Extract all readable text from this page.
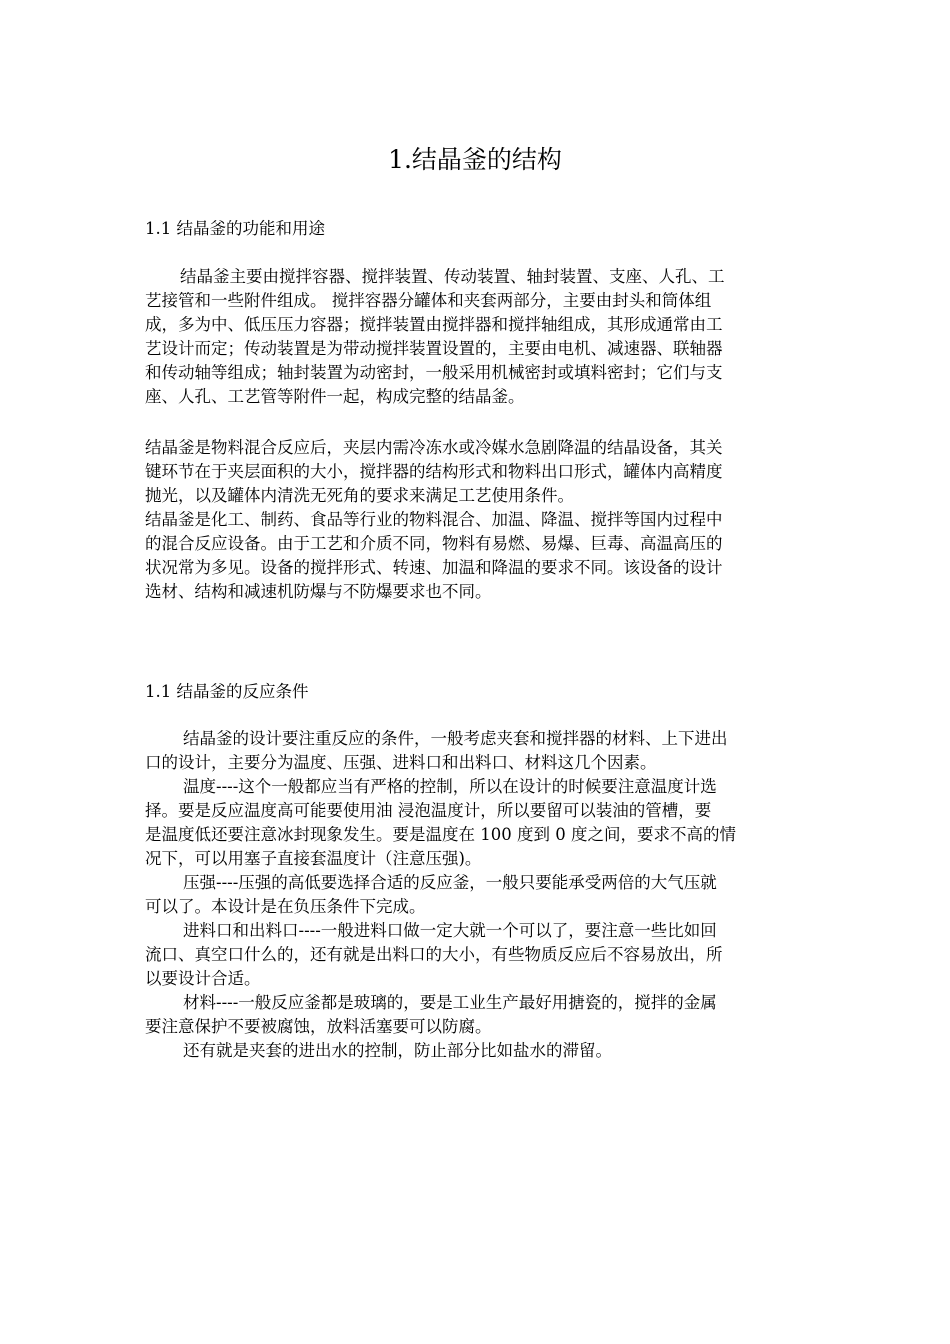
1.结晶釜的结构
1.1 结晶釜的功能和用途
结晶釜主要由搅拌容器、搅拌装置、传动装置、轴封装置、支座、人孔、工
艺接管和一些附件组成。 搅拌容器分罐体和夹套两部分，主要由封头和筒体组
成，多为中、低压压力容器；搅拌装置由搅拌器和搅拌轴组成，其形成通常由工
艺设计而定；传动装置是为带动搅拌装置设置的，主要由电机、减速器、联轴器
和传动轴等组成；轴封装置为动密封，一般采用机械密封或填料密封；它们与支
座、人孔、工艺管等附件一起，构成完整的结晶釜。
结晶釜是物料混合反应后，夹层内需冷冻水或冷媒水急剧降温的结晶设备，其关
键环节在于夹层面积的大小，搅拌器的结构形式和物料出口形式，罐体内高精度
抛光，以及罐体内清洗无死角的要求来满足工艺使用条件。
结晶釜是化工、制药、食品等行业的物料混合、加温、降温、搅拌等国内过程中
的混合反应设备。由于工艺和介质不同，物料有易燃、易爆、巨毒、高温高压的
状况常为多见。设备的搅拌形式、转速、加温和降温的要求不同。该设备的设计
选材、结构和减速机防爆与不防爆要求也不同。
1.1 结晶釜的反应条件
结晶釜的设计要注重反应的条件，一般考虑夹套和搅拌器的材料、上下进出
口的设计，主要分为温度、压强、进料口和出料口、材料这几个因素。
温度----这个一般都应当有严格的控制，所以在设计的时候要注意温度计选
择。要是反应温度高可能要使用油 浸泡温度计，所以要留可以装油的管槽，要
是温度低还要注意冰封现象发生。要是温度在 100 度到 0 度之间，要求不高的情
况下，可以用塞子直接套温度计（注意压强)。
压强----压强的高低要选择合适的反应釜，一般只要能承受两倍的大气压就
可以了。本设计是在负压条件下完成。
进料口和出料口----一般进料口做一定大就一个可以了，要注意一些比如回
流口、真空口什么的，还有就是出料口的大小，有些物质反应后不容易放出，所
以要设计合适。
材料----一般反应釜都是玻璃的，要是工业生产最好用搪瓷的，搅拌的金属
要注意保护不要被腐蚀，放料活塞要可以防腐。
还有就是夹套的进出水的控制，防止部分比如盐水的滞留。
